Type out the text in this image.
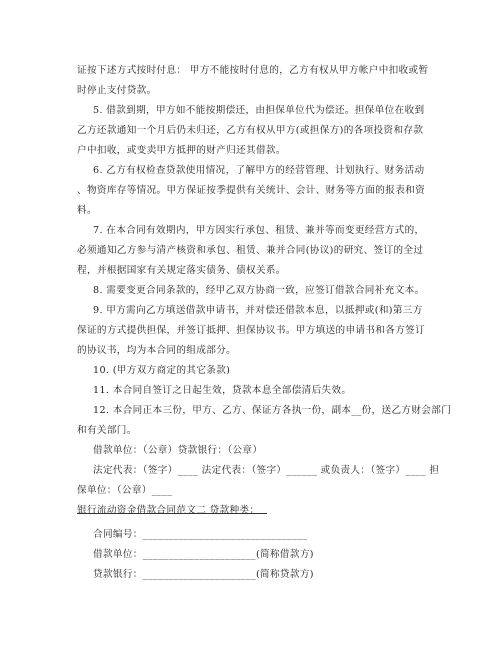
证按下述方式按时付息： 甲方不能按时付息的，乙方有权从甲方帐户中扣收或暂
时停止支付贷款。
5. 借款到期，甲方如不能按期偿还，由担保单位代为偿还。担保单位在收到
乙方还款通知一个月后仍未归还，乙方有权从甲方(或担保方)的各项投资和存款
户中扣收，或变卖甲方抵押的财产归还其借款。
6. 乙方有权检查贷款使用情况，了解甲方的经营管理、计划执行、财务活动
、物资库存等情况。甲方保证按季提供有关统计、会计、财务等方面的报表和资
料。
7. 在本合同有效期内，甲方因实行承包、租赁、兼并等而变更经营方式的，
必须通知乙方参与清产核资和承包、租赁、兼并合同(协议)的研究、签订的全过
程，并根据国家有关规定落实债务、债权关系。
8. 需要变更合同条款的，经甲乙双方协商一致，应签订借款合同补充文本。
9. 甲方需向乙方填送借款申请书，并对偿还借款本息，以抵押或(和)第三方
保证的方式提供担保，并签订抵押、担保协议书。甲方填送的申请书和各方签订
的协议书，均为本合同的组成部分。
10. (甲方双方商定的其它条款)
11. 本合同自签订之日起生效，贷款本息全部偿清后失效。
12. 本合同正本三份，甲方、乙方、保证方各执一份，副本__份，送乙方财会部门
和有关部门。
借款单位：（公章）贷款银行：（公章）
法定代表：（签字）____ 法定代表：（签字）______ 或负责人：（签字）____ 担
保单位：（公章）____
银行流动资金借款合同范文二 贷款种类：
合同编号：________________________________
借款单位：______________________(简称借款方)
贷款银行：______________________(简称贷款方)
